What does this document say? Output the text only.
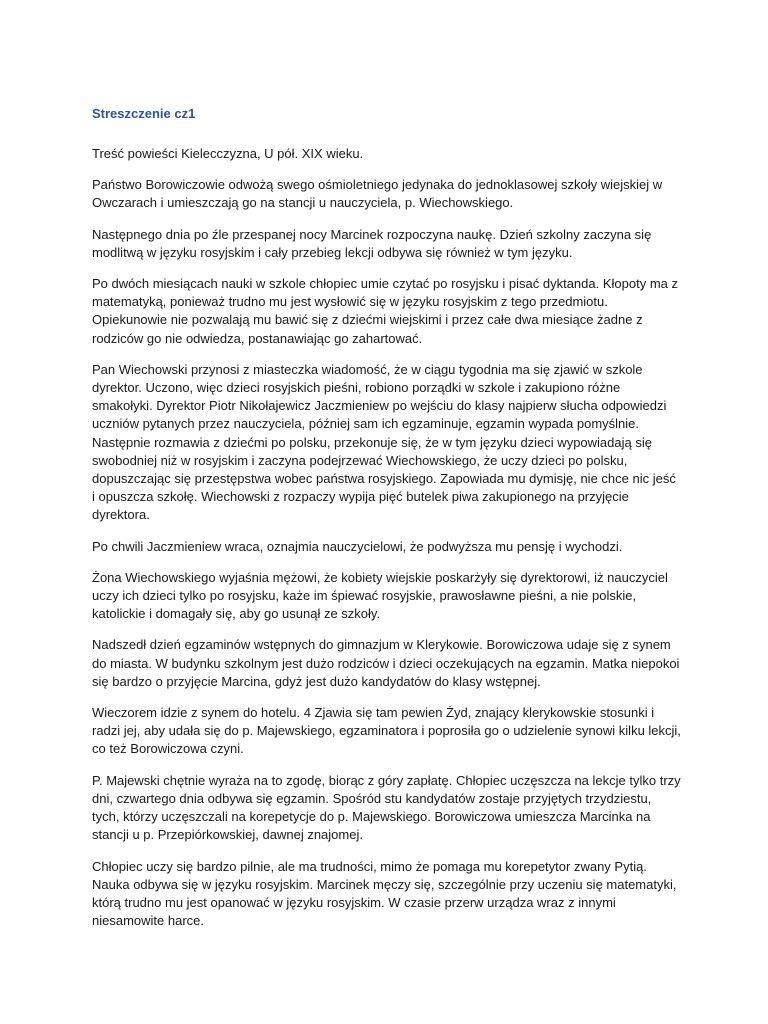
Streszczenie cz1

Treść powieści Kielecczyzna, U pół. XIX wieku.

Państwo Borowiczowie odwożą swego ośmioletniego jedynaka do jednoklasowej szkoły wiejskiej w Owczarach i umieszczają go na stancji u nauczyciela, p. Wiechowskiego.

Następnego dnia po źle przespanej nocy Marcinek rozpoczyna naukę. Dzień szkolny zaczyna się modlitwą w języku rosyjskim i cały przebieg lekcji odbywa się również w tym języku.

Po dwóch miesiącach nauki w szkole chłopiec umie czytać po rosyjsku i pisać dyktanda. Kłopoty ma z matematyką, ponieważ trudno mu jest wysłowić się w języku rosyjskim z tego przedmiotu. Opiekunowie nie pozwalają mu bawić się z dziećmi wiejskimi i przez całe dwa miesiące żadne z rodziców go nie odwiedza, postanawiając go zahartować.

Pan Wiechowski przynosi z miasteczka wiadomość, że w ciągu tygodnia ma się zjawić w szkole dyrektor. Uczono, więc dzieci rosyjskich pieśni, robiono porządki w szkole i zakupiono różne smakołyki. Dyrektor Piotr Nikołajewicz Jaczmieniew po wejściu do klasy najpierw słucha odpowiedzi uczniów pytanych przez nauczyciela, później sam ich egzaminuje, egzamin wypada pomyślnie. Następnie rozmawia z dziećmi po polsku, przekonuje się, że w tym języku dzieci wypowiadają się swobodniej niż w rosyjskim i zaczyna podejrzewać Wiechowskiego, że uczy dzieci po polsku, dopuszczając się przestępstwa wobec państwa rosyjskiego. Zapowiada mu dymisję, nie chce nic jeść i opuszcza szkołę. Wiechowski z rozpaczy wypija pięć butelek piwa zakupionego na przyjęcie dyrektora.

Po chwili Jaczmieniew wraca, oznajmia nauczycielowi, że podwyższa mu pensję i wychodzi.

Żona Wiechowskiego wyjaśnia mężowi, że kobiety wiejskie poskarżyły się dyrektorowi, iż nauczyciel uczy ich dzieci tylko po rosyjsku, każe im śpiewać rosyjskie, prawosławne pieśni, a nie polskie, katolickie i domagały się, aby go usunął ze szkoły.

Nadszedł dzień egzaminów wstępnych do gimnazjum w Klerykowie. Borowiczowa udaje się z synem do miasta. W budynku szkolnym jest dużo rodziców i dzieci oczekujących na egzamin. Matka niepokoi się bardzo o przyjęcie Marcina, gdyż jest dużo kandydatów do klasy wstępnej.

Wieczorem idzie z synem do hotelu. 4 Zjawia się tam pewien Żyd, znający klerykowskie stosunki i radzi jej, aby udała się do p. Majewskiego, egzaminatora i poprosiła go o udzielenie synowi kilku lekcji, co też Borowiczowa czyni.

P. Majewski chętnie wyraża na to zgodę, biorąc z góry zapłatę. Chłopiec uczęszcza na lekcje tylko trzy dni, czwartego dnia odbywa się egzamin. Spośród stu kandydatów zostaje przyjętych trzydziestu, tych, którzy uczęszczali na korepetycje do p. Majewskiego. Borowiczowa umieszcza Marcinka na stancji u p. Przepiórkowskiej, dawnej znajomej.

Chłopiec uczy się bardzo pilnie, ale ma trudności, mimo że pomaga mu korepetytor zwany Pytią. Nauka odbywa się w języku rosyjskim. Marcinek męczy się, szczególnie przy uczeniu się matematyki, którą trudno mu jest opanować w języku rosyjskim. W czasie przerw urządza wraz z innymi niesamowite harce.
